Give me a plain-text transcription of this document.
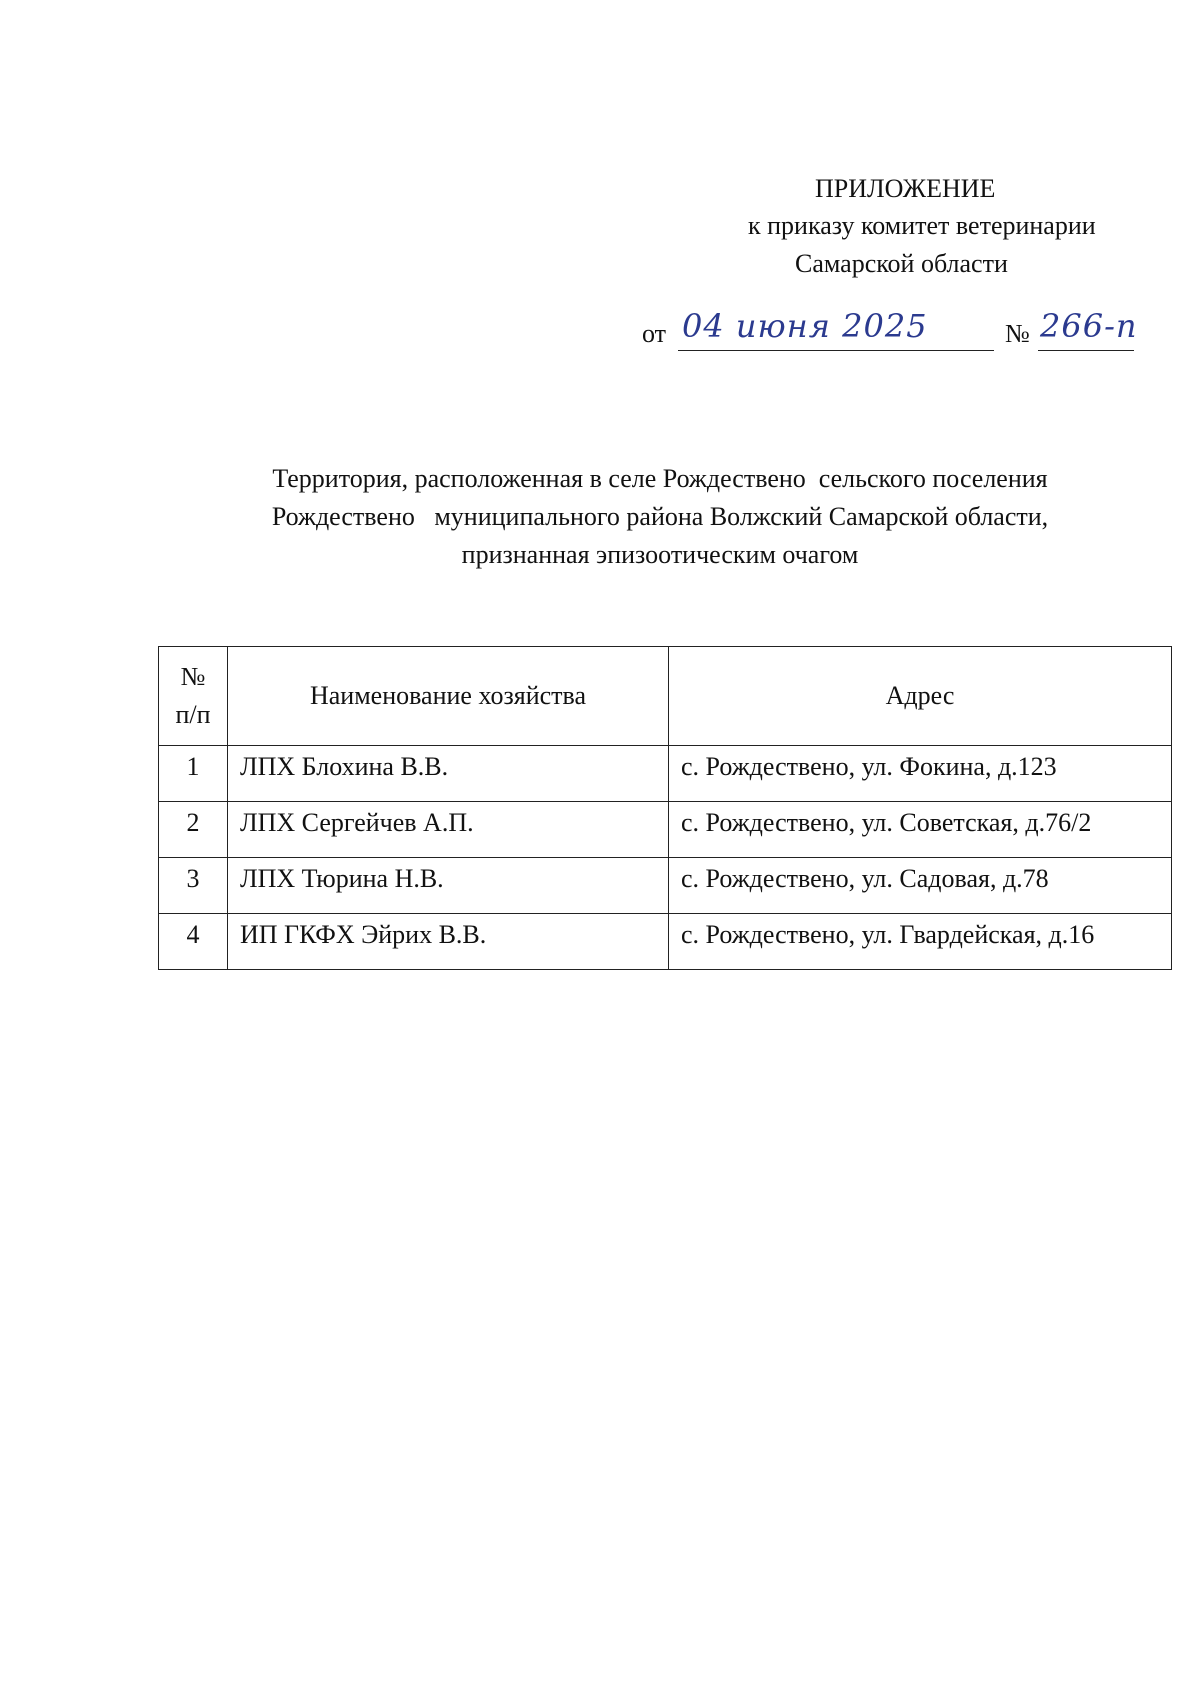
ПРИЛОЖЕНИЕ
к приказу комитет ветеринарии
Самарской области
от 04 июня 2025	№ 266-п
Территория, расположенная в селе Рождествено  сельского поселения
Рождествено   муниципального района Волжский Самарской области,
признанная эпизоотическим очагом
№
п/п	Наименование хозяйства	Адрес
1	ЛПХ Блохина В.В.	с. Рождествено, ул. Фокина, д.123
2	ЛПХ Сергейчев А.П.	с. Рождествено, ул. Советская, д.76/2
3	ЛПХ Тюрина Н.В.	с. Рождествено, ул. Садовая, д.78
4	ИП ГКФХ Эйрих В.В.	с. Рождествено, ул. Гвардейская, д.16
